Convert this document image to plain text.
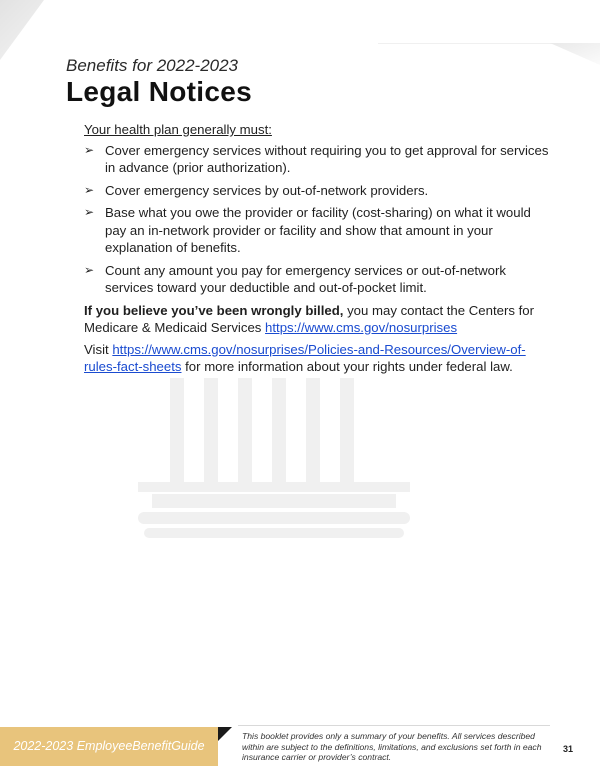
Benefits for 2022-2023
Legal Notices
Your health plan generally must:
➢ Cover emergency services without requiring you to get approval for services in advance (prior authorization).
➢ Cover emergency services by out-of-network providers.
➢ Base what you owe the provider or facility (cost-sharing) on what it would pay an in-network provider or facility and show that amount in your explanation of benefits.
➢ Count any amount you pay for emergency services or out-of-network services toward your deductible and out-of-pocket limit.
If you believe you’ve been wrongly billed, you may contact the Centers for Medicare & Medicaid Services https://www.cms.gov/nosurprises
Visit https://www.cms.gov/nosurprises/Policies-and-Resources/Overview-of-rules-fact-sheets for more information about your rights under federal law.
2022-2023 EmployeeBenefitGuide
This booklet provides only a summary of your benefits. All services described within are subject to the definitions, limitations, and exclusions set forth in each insurance carrier or provider’s contract.
31
